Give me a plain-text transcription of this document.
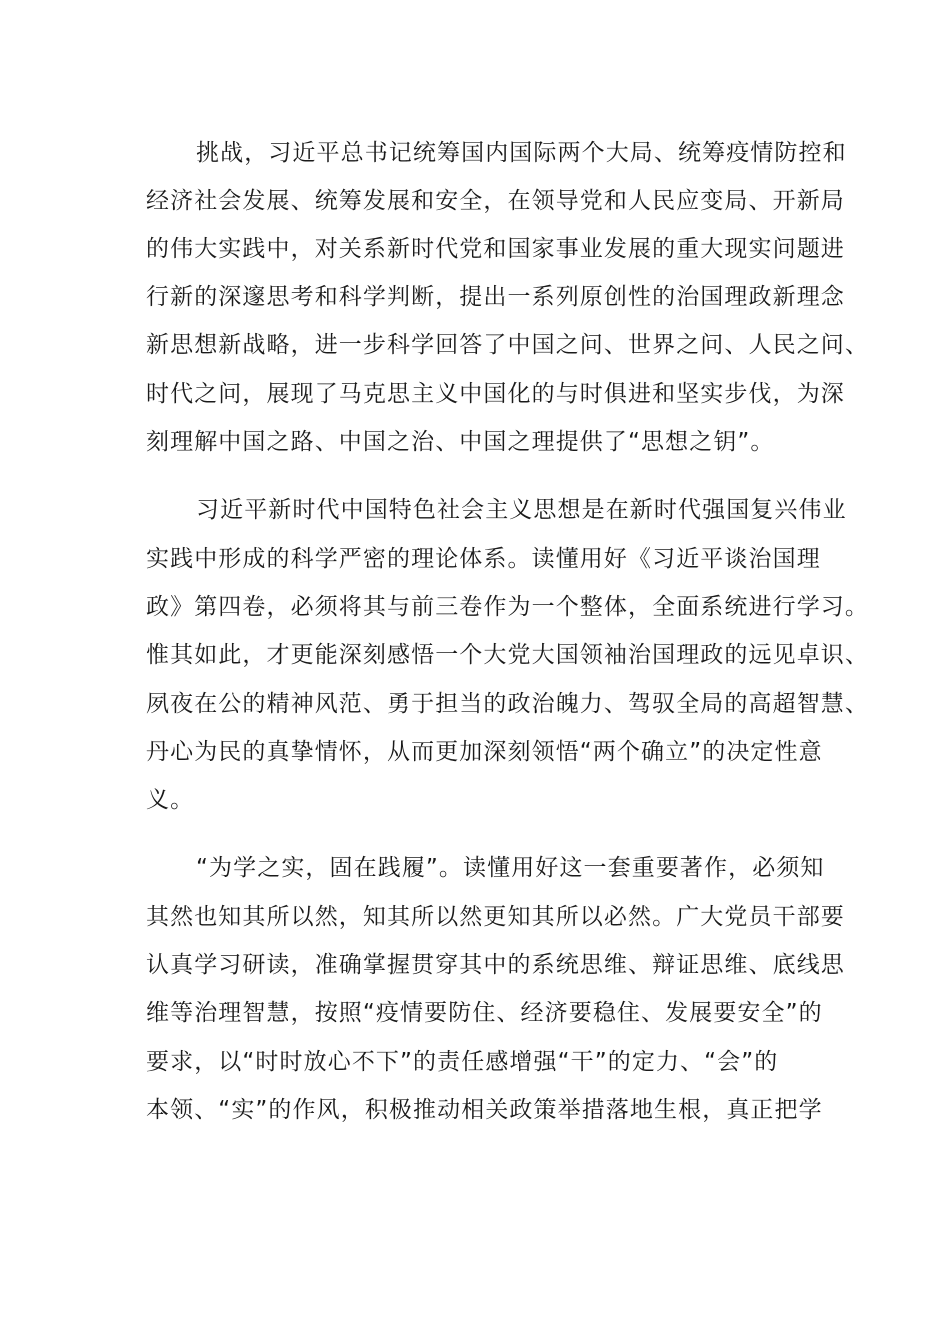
挑战，习近平总书记统筹国内国际两个大局、统筹疫情防控和
经济社会发展、统筹发展和安全，在领导党和人民应变局、开新局
的伟大实践中，对关系新时代党和国家事业发展的重大现实问题进
行新的深邃思考和科学判断，提出一系列原创性的治国理政新理念
新思想新战略，进一步科学回答了中国之问、世界之问、人民之问、
时代之问，展现了马克思主义中国化的与时俱进和坚实步伐，为深
刻理解中国之路、中国之治、中国之理提供了“思想之钥”。
习近平新时代中国特色社会主义思想是在新时代强国复兴伟业
实践中形成的科学严密的理论体系。读懂用好《习近平谈治国理
政》第四卷，必须将其与前三卷作为一个整体，全面系统进行学习。
惟其如此，才更能深刻感悟一个大党大国领袖治国理政的远见卓识、
夙夜在公的精神风范、勇于担当的政治魄力、驾驭全局的高超智慧、
丹心为民的真挚情怀，从而更加深刻领悟“两个确立”的决定性意
义。
“为学之实，固在践履”。读懂用好这一套重要著作，必须知
其然也知其所以然，知其所以然更知其所以必然。广大党员干部要
认真学习研读，准确掌握贯穿其中的系统思维、辩证思维、底线思
维等治理智慧，按照“疫情要防住、经济要稳住、发展要安全”的
要求，以“时时放心不下”的责任感增强“干”的定力、“会”的
本领、“实”的作风，积极推动相关政策举措落地生根，真正把学
